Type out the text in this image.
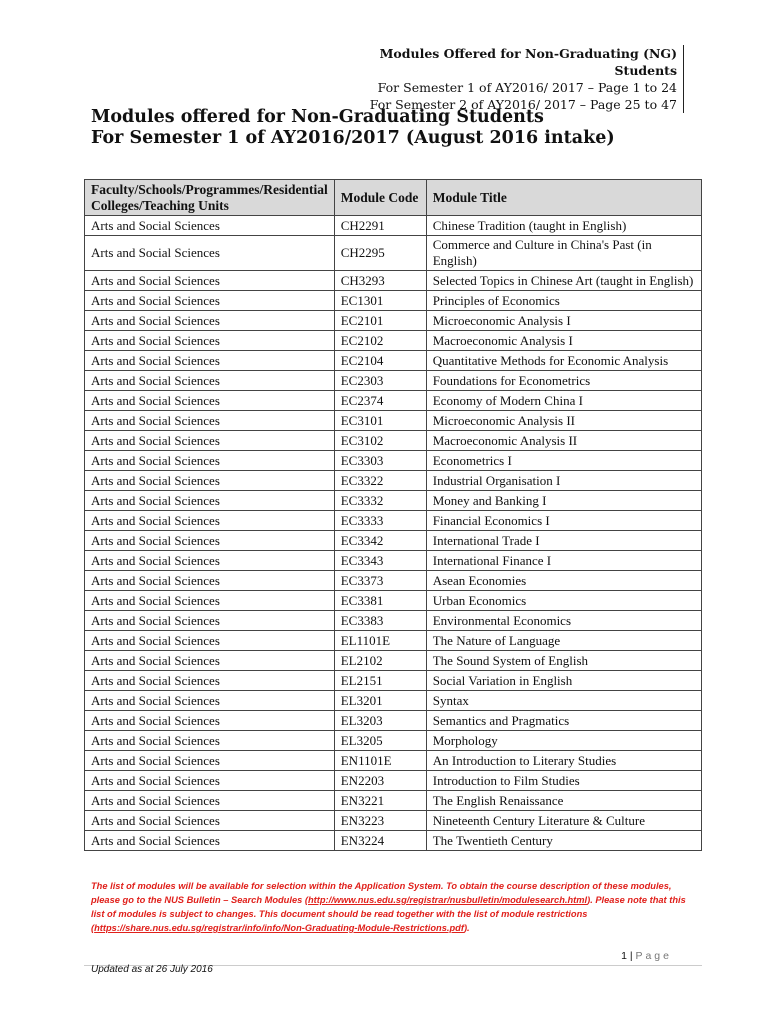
Modules Offered for Non-Graduating (NG) Students
For Semester 1 of AY2016/ 2017 – Page 1 to 24
For Semester 2 of AY2016/ 2017 – Page 25 to 47
Modules offered for Non-Graduating Students
For Semester 1 of AY2016/2017 (August 2016 intake)
Faculty/Schools/Programmes/Residential Colleges/Teaching Units	Module Code	Module Title
Arts and Social Sciences	CH2291	Chinese Tradition (taught in English)
Arts and Social Sciences	CH2295	Commerce and Culture in China's Past (in English)
Arts and Social Sciences	CH3293	Selected Topics in Chinese Art (taught in English)
Arts and Social Sciences	EC1301	Principles of Economics
Arts and Social Sciences	EC2101	Microeconomic Analysis I
Arts and Social Sciences	EC2102	Macroeconomic Analysis I
Arts and Social Sciences	EC2104	Quantitative Methods for Economic Analysis
Arts and Social Sciences	EC2303	Foundations for Econometrics
Arts and Social Sciences	EC2374	Economy of Modern China I
Arts and Social Sciences	EC3101	Microeconomic Analysis II
Arts and Social Sciences	EC3102	Macroeconomic Analysis II
Arts and Social Sciences	EC3303	Econometrics I
Arts and Social Sciences	EC3322	Industrial Organisation I
Arts and Social Sciences	EC3332	Money and Banking I
Arts and Social Sciences	EC3333	Financial Economics I
Arts and Social Sciences	EC3342	International Trade I
Arts and Social Sciences	EC3343	International Finance I
Arts and Social Sciences	EC3373	Asean Economies
Arts and Social Sciences	EC3381	Urban Economics
Arts and Social Sciences	EC3383	Environmental Economics
Arts and Social Sciences	EL1101E	The Nature of Language
Arts and Social Sciences	EL2102	The Sound System of English
Arts and Social Sciences	EL2151	Social Variation in English
Arts and Social Sciences	EL3201	Syntax
Arts and Social Sciences	EL3203	Semantics and Pragmatics
Arts and Social Sciences	EL3205	Morphology
Arts and Social Sciences	EN1101E	An Introduction to Literary Studies
Arts and Social Sciences	EN2203	Introduction to Film Studies
Arts and Social Sciences	EN3221	The English Renaissance
Arts and Social Sciences	EN3223	Nineteenth Century Literature & Culture
Arts and Social Sciences	EN3224	The Twentieth Century
The list of modules will be available for selection within the Application System. To obtain the course description of these modules, please go to the NUS Bulletin – Search Modules (http://www.nus.edu.sg/registrar/nusbulletin/modulesearch.html). Please note that this list of modules is subject to changes. This document should be read together with the list of module restrictions (https://share.nus.edu.sg/registrar/info/info/Non-Graduating-Module-Restrictions.pdf).
1 | Page
Updated as at 26 July 2016
